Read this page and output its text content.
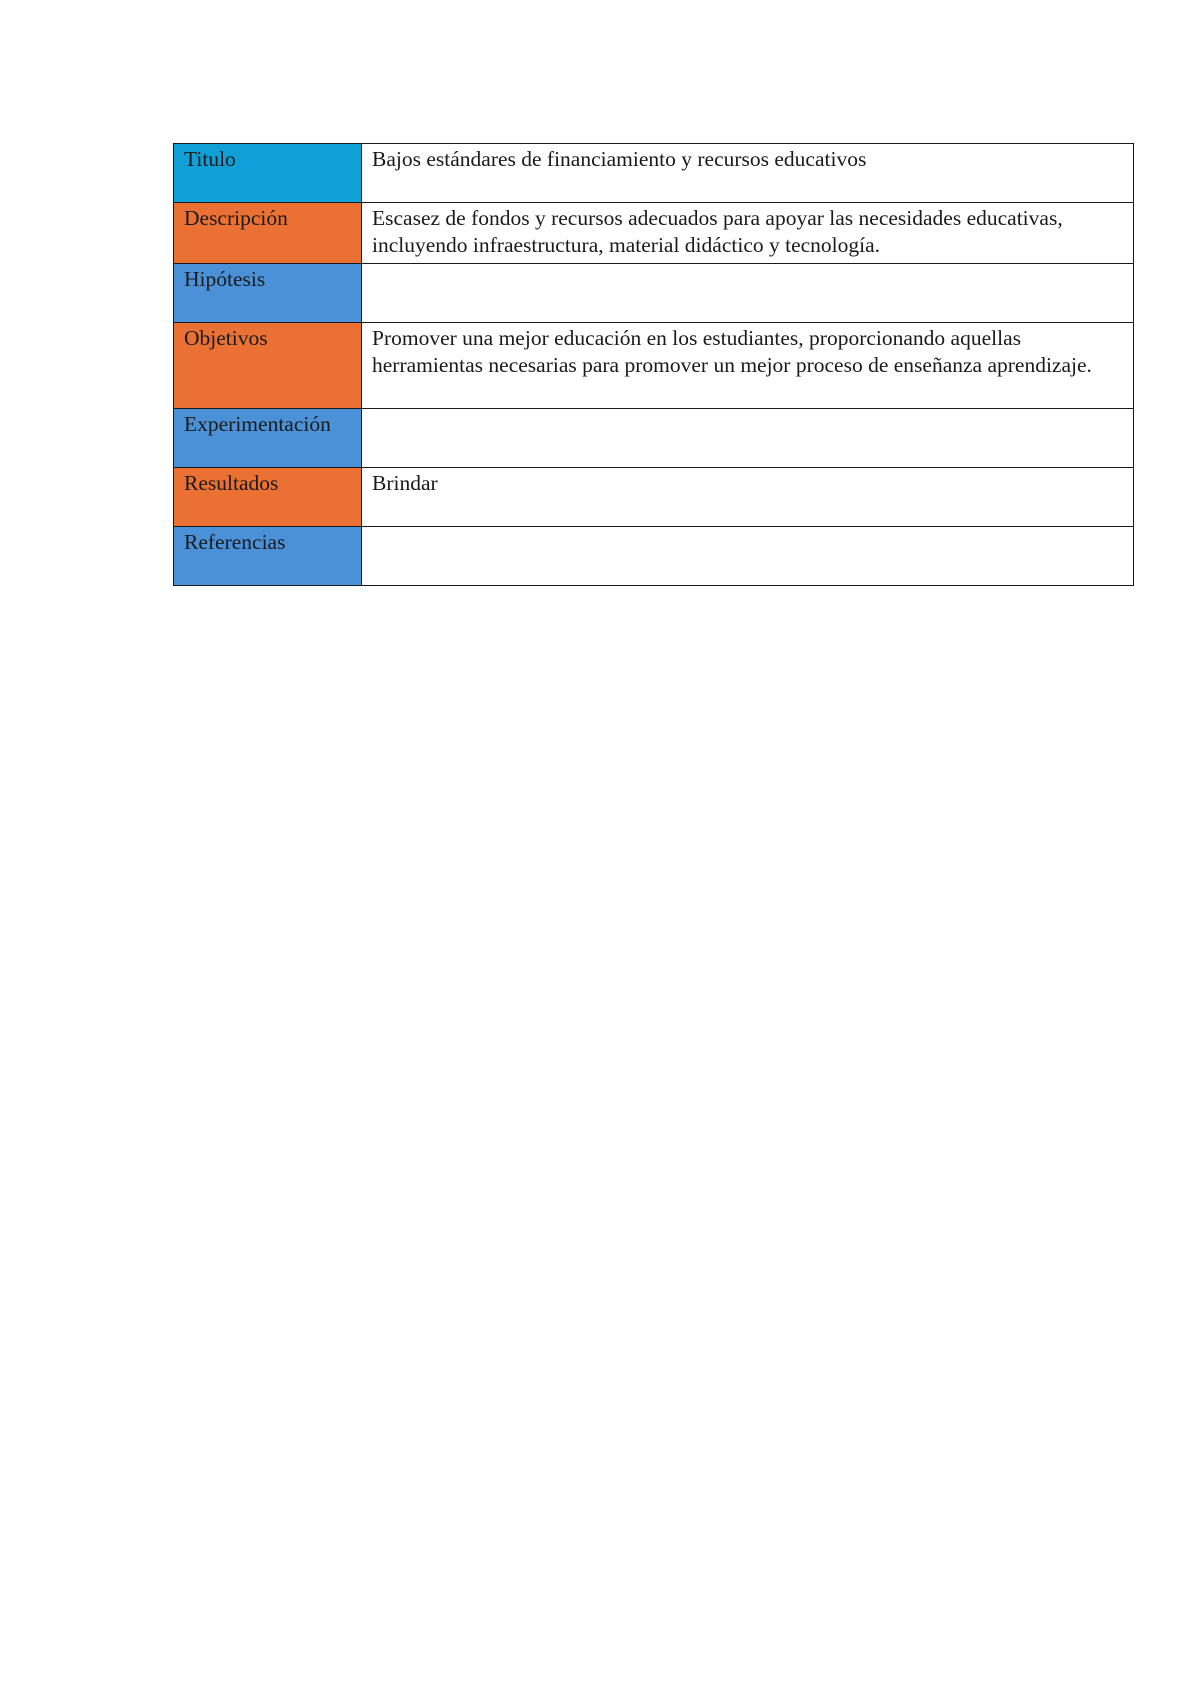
Titulo	Bajos estándares de financiamiento y recursos educativos
Descripción	Escasez de fondos y recursos adecuados para apoyar las necesidades educativas, incluyendo infraestructura, material didáctico y tecnología.
Hipótesis	
Objetivos	Promover una mejor educación en los estudiantes, proporcionando aquellas herramientas necesarias para promover un mejor proceso de enseñanza aprendizaje.
Experimentación	
Resultados	Brindar
Referencias	
